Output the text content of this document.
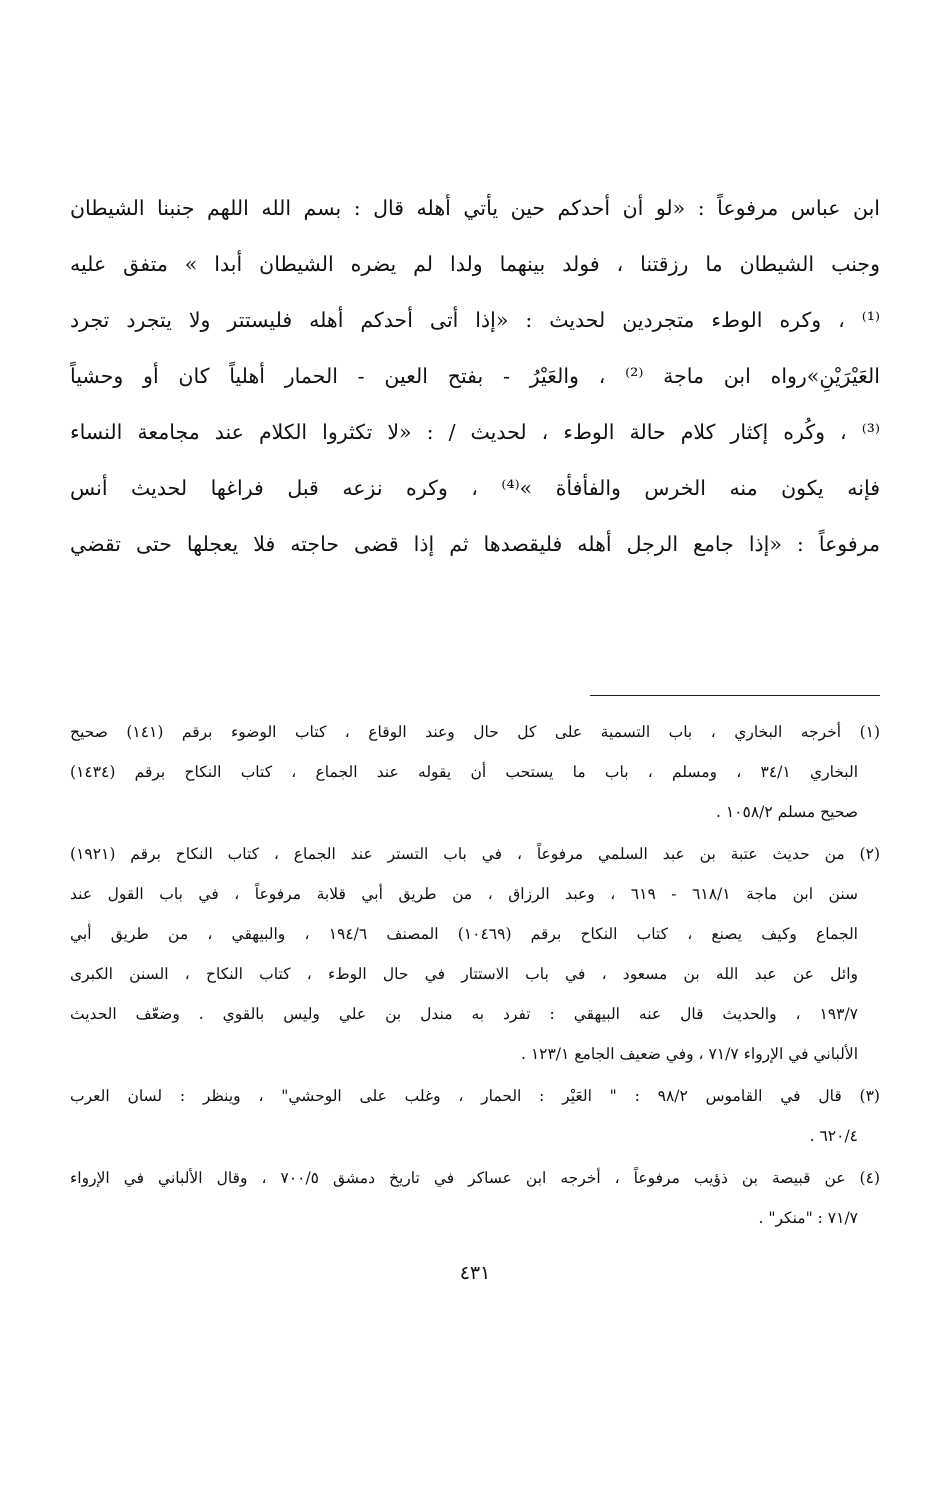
ابن عباس مرفوعاً : «لو أن أحدكم حين يأتي أهله قال : بسم الله اللهم جنبنا الشيطان
وجنب الشيطان ما رزقتنا ، فولد بينهما ولدا لم يضره الشيطان أبدا » متفق عليه
⁽¹⁾ ، وكره الوطء متجردين لحديث : «إذا أتى أحدكم أهله فليستتر ولا يتجرد تجرد
العَيْرَيْنِ»رواه ابن ماجة ⁽²⁾ ، والعَيْرُ - بفتح العين - الحمار أهلياً كان أو وحشياً
⁽³⁾ ، وكُره إكثار كلام حالة الوطء ، لحديث / : «لا تكثروا الكلام عند مجامعة النساء
فإنه يكون منه الخرس والفأفأة »⁽⁴⁾ ، وكره نزعه قبل فراغها لحديث أنس
مرفوعاً : «إذا جامع الرجل أهله فليقصدها ثم إذا قضى حاجته فلا يعجلها حتى تقضي
(١) أخرجه البخاري ، باب التسمية على كل حال وعند الوقاع ، كتاب الوضوء برقم (١٤١) صحيح
البخاري ٣٤/١ ، ومسلم ، باب ما يستحب أن يقوله عند الجماع ، كتاب النكاح برقم (١٤٣٤)
صحيح مسلم ١٠٥٨/٢ .
(٢) من حديث عتبة بن عبد السلمي مرفوعاً ، في باب التستر عند الجماع ، كتاب النكاح برقم (١٩٢١)
سنن ابن ماجة ٦١٨/١ - ٦١٩ ، وعبد الرزاق ، من طريق أبي قلابة مرفوعاً ، في باب القول عند
الجماع وكيف يصنع ، كتاب النكاح برقم (١٠٤٦٩) المصنف ١٩٤/٦ ، والبيهقي ، من طريق أبي
وائل عن عبد الله بن مسعود ، في باب الاستتار في حال الوطء ، كتاب النكاح ، السنن الكبرى
١٩٣/٧ ، والحديث قال عنه البيهقي : تفرد به مندل بن علي وليس بالقوي . وضعّف الحديث
الألباني في الإرواء ٧١/٧ ، وفي ضعيف الجامع ١٢٣/١ .
(٣) قال في القاموس ٩٨/٢ : " العَيْر : الحمار ، وغلب على الوحشي" ، وينظر : لسان العرب
٦٢٠/٤ .
(٤) عن قبيصة بن ذؤيب مرفوعاً ، أخرجه ابن عساكر في تاريخ دمشق ٧٠٠/٥ ، وقال الألباني في الإرواء
٧١/٧ : "منكر" .
٤٣١
